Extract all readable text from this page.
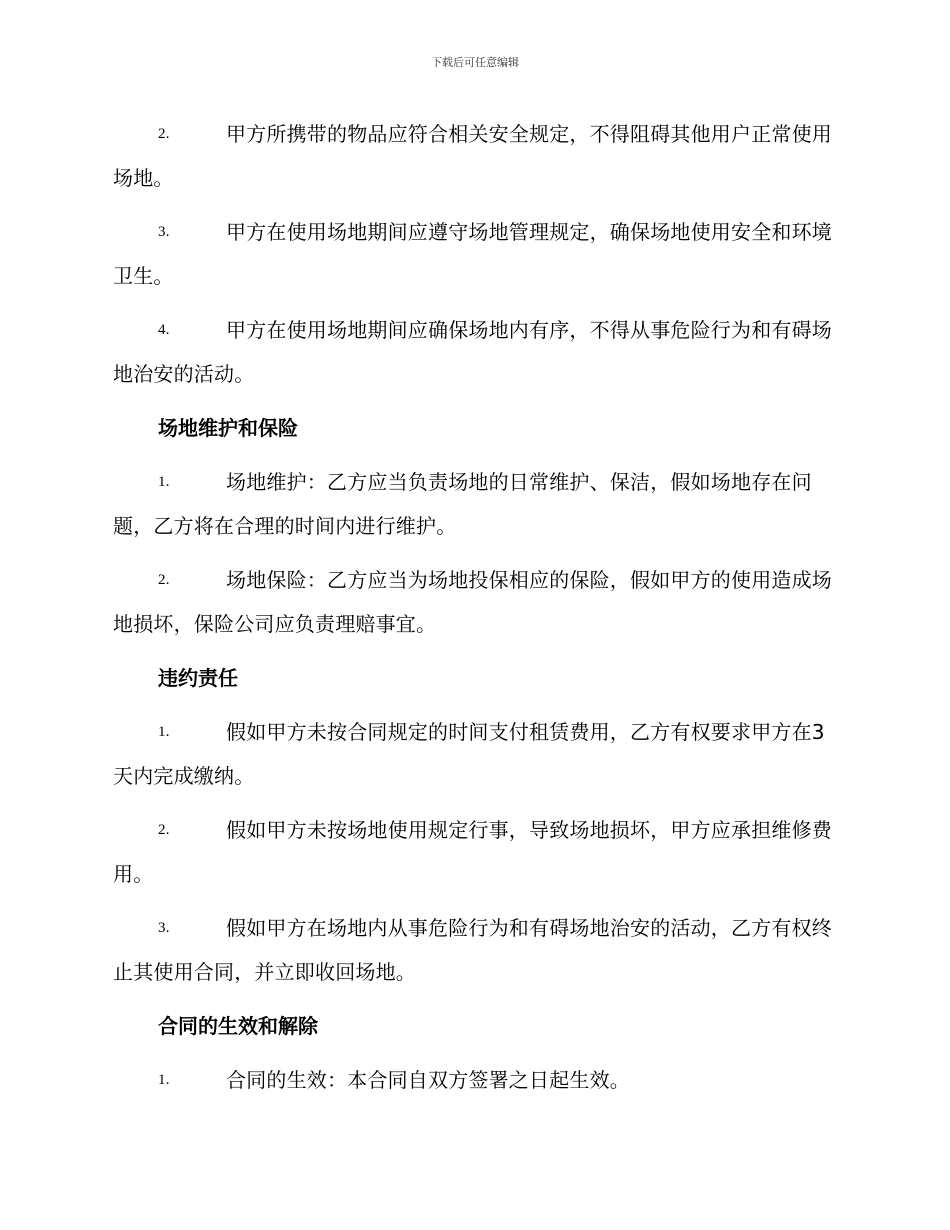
下载后可任意编辑

2.	甲方所携带的物品应符合相关安全规定，不得阻碍其他用户正常使用场地。

3.	甲方在使用场地期间应遵守场地管理规定，确保场地使用安全和环境卫生。

4.	甲方在使用场地期间应确保场地内有序，不得从事危险行为和有碍场地治安的活动。

场地维护和保险

1.	场地维护：乙方应当负责场地的日常维护、保洁，假如场地存在问题，乙方将在合理的时间内进行维护。

2.	场地保险：乙方应当为场地投保相应的保险，假如甲方的使用造成场地损坏，保险公司应负责理赔事宜。

违约责任

1.	假如甲方未按合同规定的时间支付租赁费用，乙方有权要求甲方在3天内完成缴纳。

2.	假如甲方未按场地使用规定行事，导致场地损坏，甲方应承担维修费用。

3.	假如甲方在场地内从事危险行为和有碍场地治安的活动，乙方有权终止其使用合同，并立即收回场地。

合同的生效和解除

1.	合同的生效：本合同自双方签署之日起生效。
